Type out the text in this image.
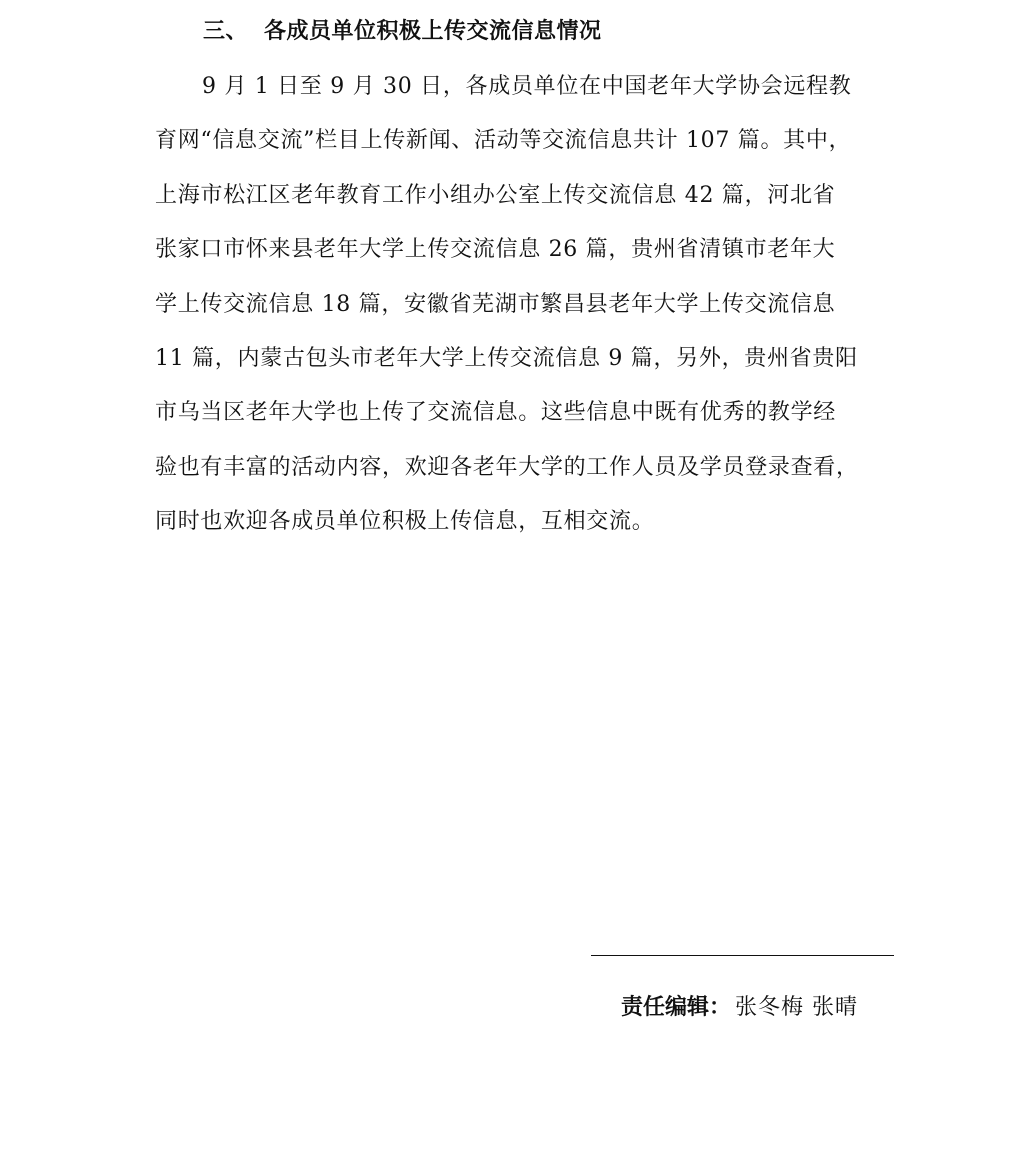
三、 各成员单位积极上传交流信息情况
9 月 1 日至 9 月 30 日，各成员单位在中国老年大学协会远程教
育网“信息交流”栏目上传新闻、活动等交流信息共计 107 篇。其中，
上海市松江区老年教育工作小组办公室上传交流信息 42 篇，河北省
张家口市怀来县老年大学上传交流信息 26 篇，贵州省清镇市老年大
学上传交流信息 18 篇，安徽省芜湖市繁昌县老年大学上传交流信息
11 篇，内蒙古包头市老年大学上传交流信息 9 篇，另外，贵州省贵阳
市乌当区老年大学也上传了交流信息。这些信息中既有优秀的教学经
验也有丰富的活动内容，欢迎各老年大学的工作人员及学员登录查看，
同时也欢迎各成员单位积极上传信息，互相交流。
责任编辑： 张冬梅 张晴
